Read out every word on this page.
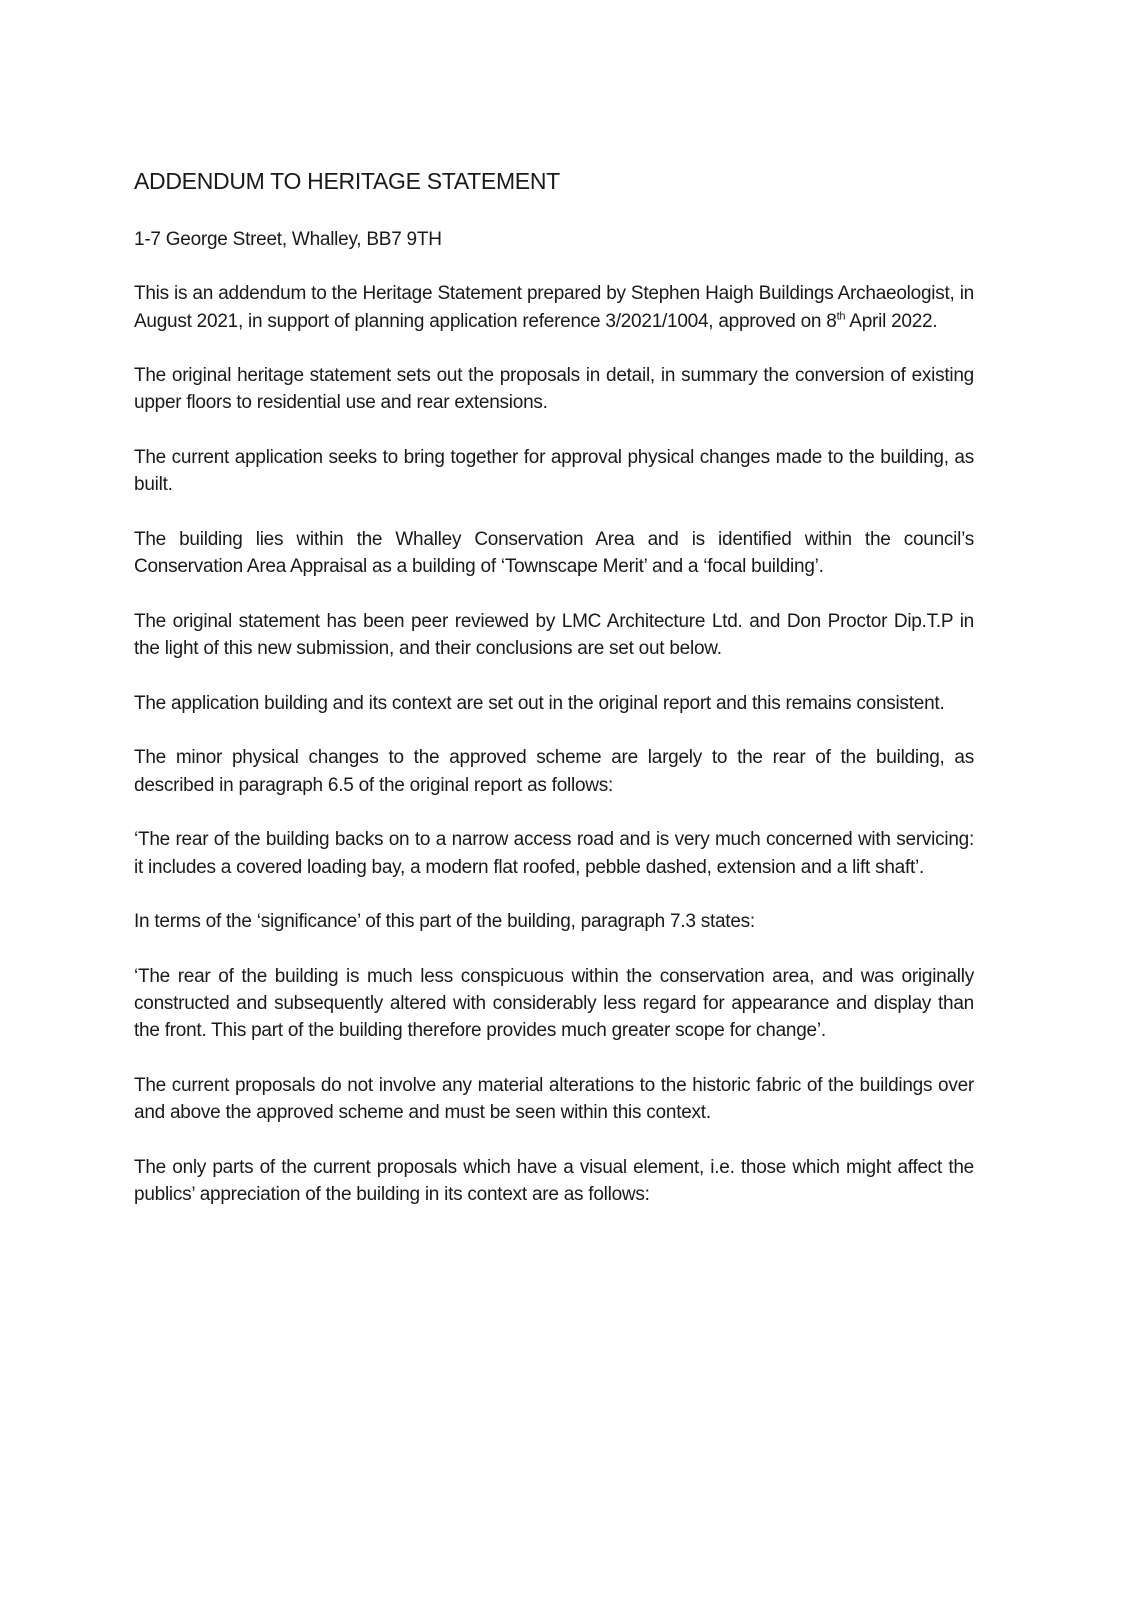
ADDENDUM TO HERITAGE STATEMENT

1-7 George Street, Whalley, BB7 9TH

This is an addendum to the Heritage Statement prepared by Stephen Haigh Buildings Archaeologist, in August 2021, in support of planning application reference 3/2021/1004, approved on 8th April 2022.

The original heritage statement sets out the proposals in detail, in summary the conversion of existing upper floors to residential use and rear extensions.

The current application seeks to bring together for approval physical changes made to the building, as built.

The building lies within the Whalley Conservation Area and is identified within the council’s Conservation Area Appraisal as a building of ‘Townscape Merit’ and a ‘focal building’.

The original statement has been peer reviewed by LMC Architecture Ltd. and Don Proctor Dip.T.P in the light of this new submission, and their conclusions are set out below.

The application building and its context are set out in the original report and this remains consistent.

The minor physical changes to the approved scheme are largely to the rear of the building, as described in paragraph 6.5 of the original report as follows:

‘The rear of the building backs on to a narrow access road and is very much concerned with servicing: it includes a covered loading bay, a modern flat roofed, pebble dashed, extension and a lift shaft’.

In terms of the ‘significance’ of this part of the building, paragraph 7.3 states:

‘The rear of the building is much less conspicuous within the conservation area, and was originally constructed and subsequently altered with considerably less regard for appearance and display than the front. This part of the building therefore provides much greater scope for change’.

The current proposals do not involve any material alterations to the historic fabric of the buildings over and above the approved scheme and must be seen within this context.

The only parts of the current proposals which have a visual element, i.e. those which might affect the publics’ appreciation of the building in its context are as follows:
